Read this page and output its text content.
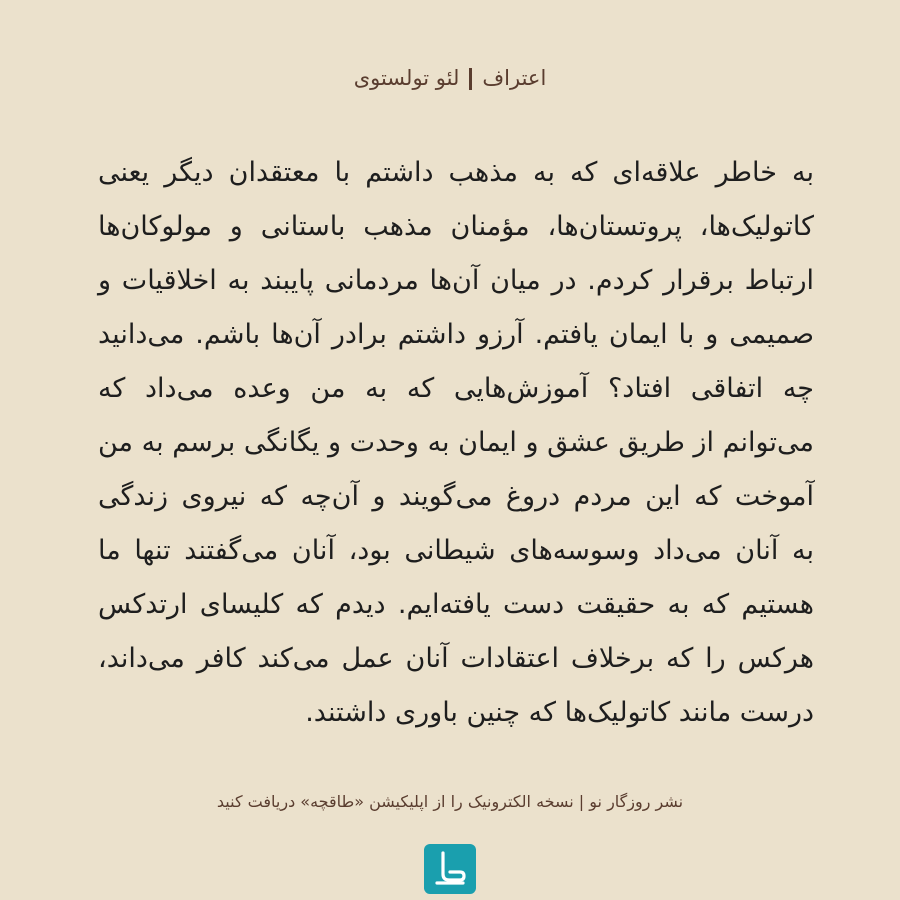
اعترافلئو تولستوی
به خاطر علاقه‌ای که به مذهب داشتم با معتقدان دیگر یعنی
کاتولیک‌ها، پروتستان‌ها، مؤمنان مذهب باستانی و مولوکان‌ها
ارتباط برقرار کردم. در میان آن‌ها مردمانی پایبند به اخلاقیات و
صمیمی و با ایمان یافتم. آرزو داشتم برادر آن‌ها باشم. می‌دانید
چه اتفاقی افتاد؟ آموزش‌هایی که به من وعده می‌داد که
می‌توانم از طریق عشق و ایمان به وحدت و یگانگی برسم به من
آموخت که این مردم دروغ می‌گویند و آن‌چه که نیروی زندگی
به آنان می‌داد وسوسه‌های شیطانی بود، آنان می‌گفتند تنها ما
هستیم که به حقیقت دست یافته‌ایم. دیدم که کلیسای ارتدکس
هرکس را که برخلاف اعتقادات آنان عمل می‌کند کافر می‌داند،
درست مانند کاتولیک‌ها که چنین باوری داشتند.
نشر روزگار نو | نسخه الکترونیک را از اپلیکیشن «طاقچه» دریافت کنید
